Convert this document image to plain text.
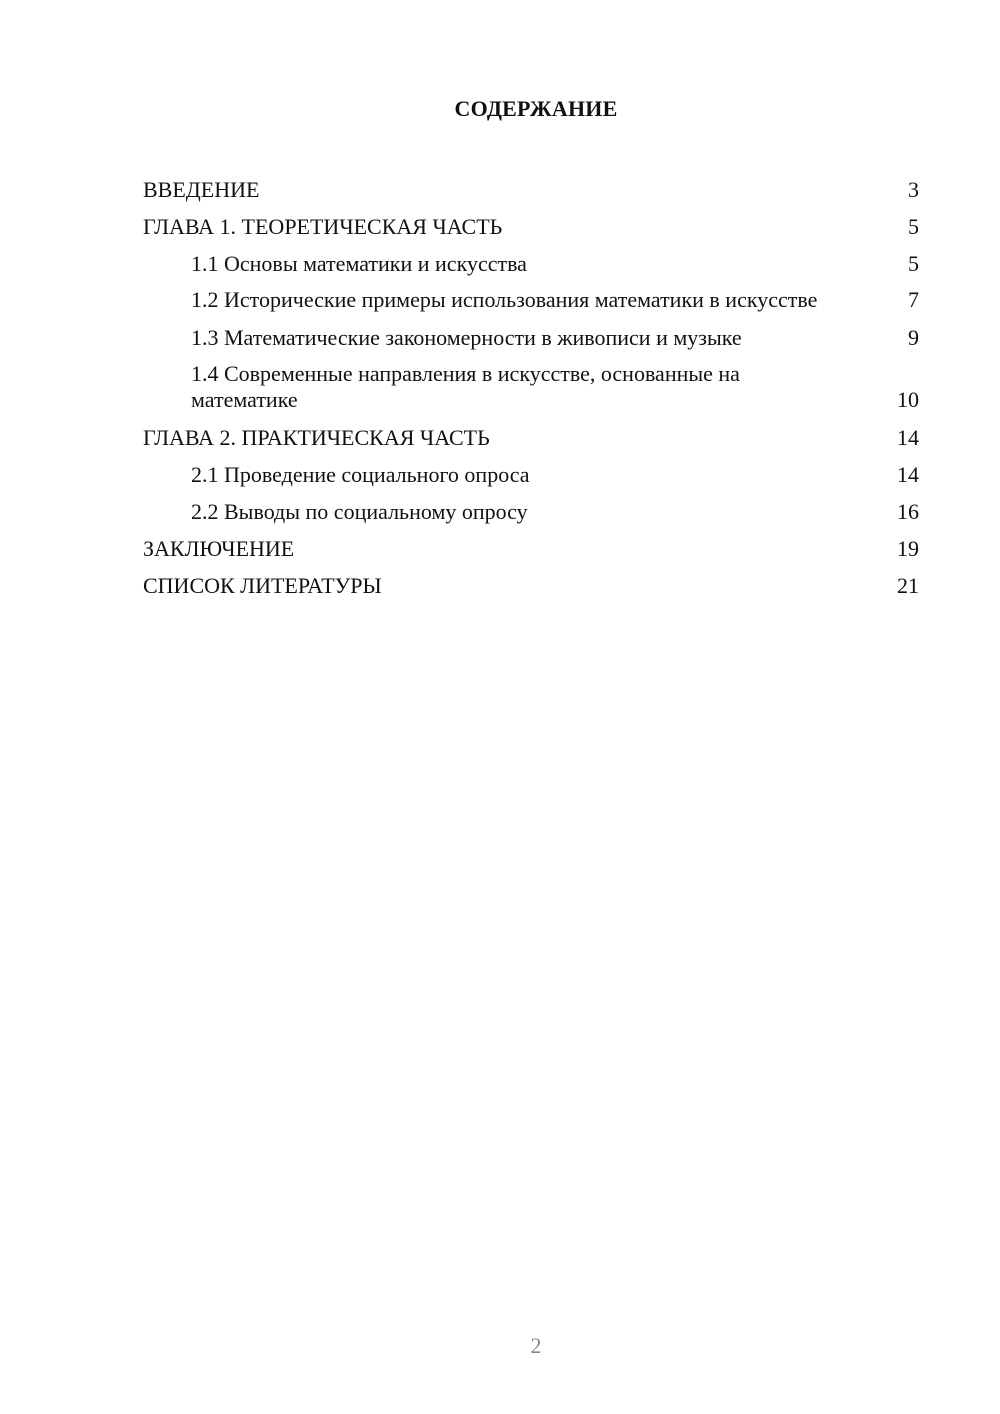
СОДЕРЖАНИЕ
ВВЕДЕНИЕ	3
ГЛАВА 1. ТЕОРЕТИЧЕСКАЯ ЧАСТЬ	5
1.1 Основы математики и искусства	5
1.2 Исторические примеры использования математики в искусстве	7
1.3 Математические закономерности в живописи и музыке	9
1.4 Современные направления в искусстве, основанные на математике	10
ГЛАВА 2. ПРАКТИЧЕСКАЯ ЧАСТЬ	14
2.1 Проведение социального опроса	14
2.2 Выводы по социальному опросу	16
ЗАКЛЮЧЕНИЕ	19
СПИСОК ЛИТЕРАТУРЫ	21
2
